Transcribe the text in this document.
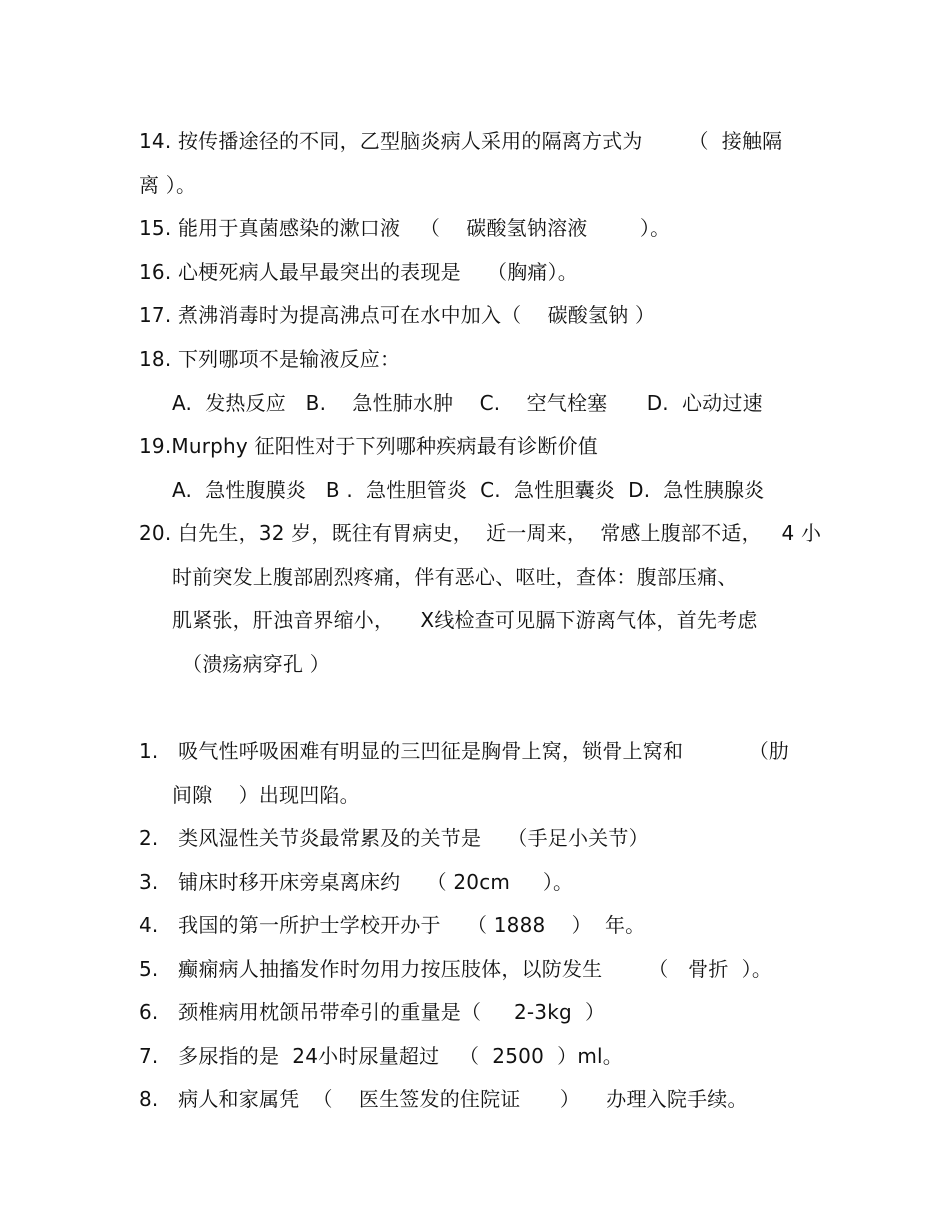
14. 按传播途径的不同，乙型脑炎病人采用的隔离方式为       （  接触隔
离 ）。
15. 能用于真菌感染的漱口液   （    碳酸氢钠溶液        ）。
16. 心梗死病人最早最突出的表现是    （胸痛）。
17. 煮沸消毒时为提高沸点可在水中加入（    碳酸氢钠 ）
18. 下列哪项不是输液反应：
A.  发热反应   B.    急性肺水肿    C.    空气栓塞      D.  心动过速
19.Murphy 征阳性对于下列哪种疾病最有诊断价值
A.  急性腹膜炎   B .  急性胆管炎  C.  急性胆囊炎  D.  急性胰腺炎
20. 白先生，32 岁，既往有胃病史，  近一周来，  常感上腹部不适，   4 小
时前突发上腹部剧烈疼痛，伴有恶心、呕吐，查体：腹部压痛、
肌紧张，肝浊音界缩小，    X线检查可见膈下游离气体，首先考虑
（溃疡病穿孔 ）
1.   吸气性呼吸困难有明显的三凹征是胸骨上窝，锁骨上窝和          （肋
间隙    ）出现凹陷。
2.   类风湿性关节炎最常累及的关节是    （手足小关节）
3.   铺床时移开床旁桌离床约    （ 20cm     ）。
4.   我国的第一所护士学校开办于    （ 1888    ）  年。
5.   癫痫病人抽搐发作时勿用力按压肢体，以防发生       （   骨折  ）。
6.   颈椎病用枕颌吊带牵引的重量是（     2-3kg  ）
7.   多尿指的是  24小时尿量超过   （  2500  ）ml。
8.   病人和家属凭  （    医生签发的住院证      ）    办理入院手续。
